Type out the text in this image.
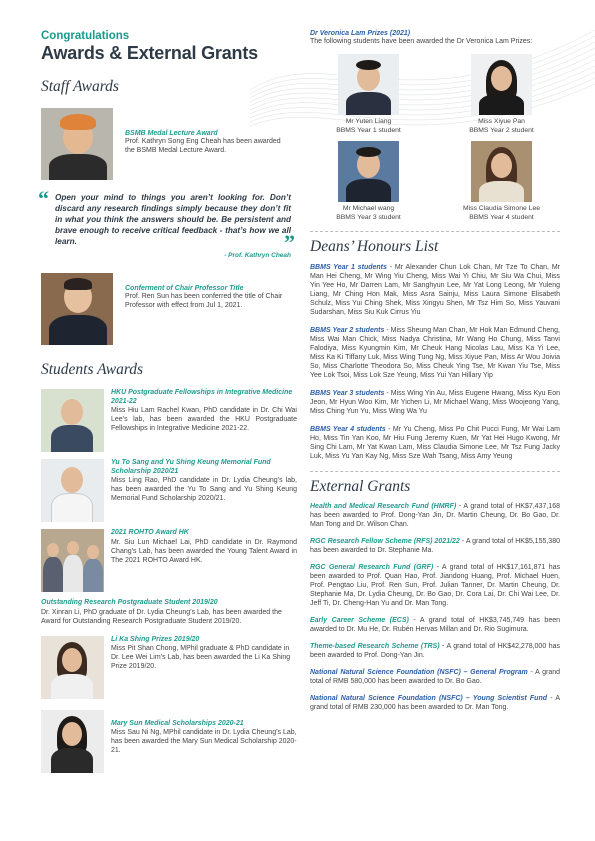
Congratulations
Awards & External Grants
Staff Awards
BSMB Medal Lecture Award
Prof. Kathryn Song Eng Cheah has been awarded the BSMB Medal Lecture Award.
“ Open your mind to things you aren’t looking for. Don’t discard any research findings simply because they don’t fit in what you think the answers should be. Be persistent and brave enough to receive critical feedback - that’s how we all learn.	”
- Prof. Kathryn Cheah
Conferment of Chair Professor Title
Prof. Ren Sun has been conferred the title of Chair Professor with effect from Jul 1, 2021.
Students Awards
HKU Postgraduate Fellowships in Integrative Medicine 2021-22
Miss Hiu Lam Rachel Kwan, PhD candidate in Dr. Chi Wai Lee’s lab, has been awarded the HKU Postgraduate Fellowships in Integrative Medicine 2021-22.
Yu To Sang and Yu Shing Keung Memorial Fund Scholarship 2020/21
Miss Ling Rao, PhD candidate in Dr. Lydia Cheung’s lab, has been awarded the Yu To Sang and Yu Shing Keung Memorial Fund Scholarship 2020/21.
2021 ROHTO Award HK
Mr. Siu Lun Michael Lai, PhD candidate in Dr. Raymond Chang’s Lab, has been awarded the Young Talent Award in The 2021 ROHTO Award HK.
Outstanding Research Postgraduate Student 2019/20
Dr. Xinran Li, PhD graduate of Dr. Lydia Cheung’s Lab, has been awarded the Award for Outstanding Research Postgraduate Student 2019/20.
Li Ka Shing Prizes 2019/20
Miss Pit Shan Chong, MPhil graduate & PhD candidate in Dr. Lee Wei Lim’s Lab, has been awarded the Li Ka Shing Prize 2019/20.
Mary Sun Medical Scholarships 2020-21
Miss Sau Ni Ng, MPhil candidate in Dr. Lydia Cheung’s Lab, has been awarded the Mary Sun Medical Scholarship 2020-21.
Dr Veronica Lam Prizes (2021)
The following students have been awarded the Dr Veronica Lam Prizes:
Mr Yuten Liang
BBMS Year 1 student
Miss Xiyue Pan
BBMS Year 2 student
Mr Michael wang
BBMS Year 3 student
Miss Claudia Simone Lee
BBMS Year 4 student
Deans’ Honours List
BBMS Year 1 students - Mr Alexander Chun Lok Chan, Mr Tze To Chan, Mr Man Hei Cheng, Mr Wing Yiu Cheng, Miss Wai Yi Chiu, Mr Siu Wa Chui, Miss Yin Yee Ho, Mr Darren Lam, Mr Sanghyun Lee, Mr Yat Long Leong, Mr Yuleng Liang, Mr Ching Hon Mak, Miss Asra Sainju, Miss Laura Simone Elisabeth Schulz, Miss Yui Ching Shek, Miss Xingyu Shen, Mr Tsz Him So, Miss Yauvani Sudarshan, Miss Siu Kuk Cirrus Yiu
BBMS Year 2 students - Miss Sheung Man Chan, Mr Hok Man Edmund Cheng, Miss Wai Man Chick, Miss Nadya Christina, Mr Wang Ho Chung, Miss Tanvi Falodiya, Miss Kyungmin Kim, Mr Cheuk Hang Nicolas Lau, Miss Ka Yi Lee, Miss Ka Ki Tiffany Luk, Miss Wing Tung Ng, Miss Xiyue Pan, Miss Ar Wou Joivia So, Miss Charlotte Theodora So, Miss Cheuk Ying Tse, Mr Kwan Yiu Tse, Miss Yee Lok Tsoi, Miss Lok Sze Yeung, Miss Yui Yan Hillary Yip
BBMS Year 3 students - Miss Wing Yin Au, Miss Eugene Hwang, Miss Kyu Eon Jeon, Mr Hyun Woo Kim, Mr Yichen Li, Mr Michael Wang, Miss Woojeong Yang, Miss Ching Yun Yu, Miss Wing Wa Yu
BBMS Year 4 students - Mr Yu Cheng, Miss Po Chit Pucci Fung, Mr Wai Lam Ho, Miss Tin Yan Koo, Mr Hiu Fung Jeremy Kuen, Mr Yat Hei Hugo Kwong, Mr Sing Chi Lam, Mr Yat Kwan Lam, Miss Claudia Simone Lee, Mr Tsz Fung Jacky Luk, Miss Yu Yan Kay Ng, Miss Sze Wah Tsang, Miss Amy Yeung
External Grants
Health and Medical Research Fund (HMRF) - A grand total of HK$7,437,168 has been awarded to Prof. Dong-Yan Jin, Dr. Martin Cheung, Dr. Bo Gao, Dr. Man Tong and Dr. Wilson Chan.
RGC Research Fellow Scheme (RFS) 2021/22 - A grand total of HK$5,155,380 has been awarded to Dr. Stephanie Ma.
RGC General Research Fund (GRF) - A grand total of HK$17,161,871 has been awarded to Prof. Quan Hao, Prof. Jiandong Huang, Prof. Michael Huen, Prof. Pengtao Liu, Prof. Ren Sun, Prof. Julian Tanner, Dr. Martin Cheung, Dr. Stephanie Ma, Dr. Lydia Cheung, Dr. Bo Gao, Dr. Cora Lai, Dr. Chi Wai Lee, Dr. Jeff Ti, Dr. Cheng-Han Yu and Dr. Man Tong.
Early Career Scheme (ECS) - A grand total of HK$3,745,749 has been awarded to Dr. Mu He, Dr. Rubén Hervas Millan and Dr. Rio Sugimura.
Theme-based Research Scheme (TRS) - A grand total of HK$42,278,000 has been awarded to Prof. Dong-Yan Jin.
National Natural Science Foundation (NSFC) – General Program - A grand total of RMB 580,000 has been awarded to Dr. Bo Gao.
National Natural Science Foundation (NSFC) – Young Scientist Fund - A grand total of RMB 230,000 has been awarded to Dr. Man Tong.
